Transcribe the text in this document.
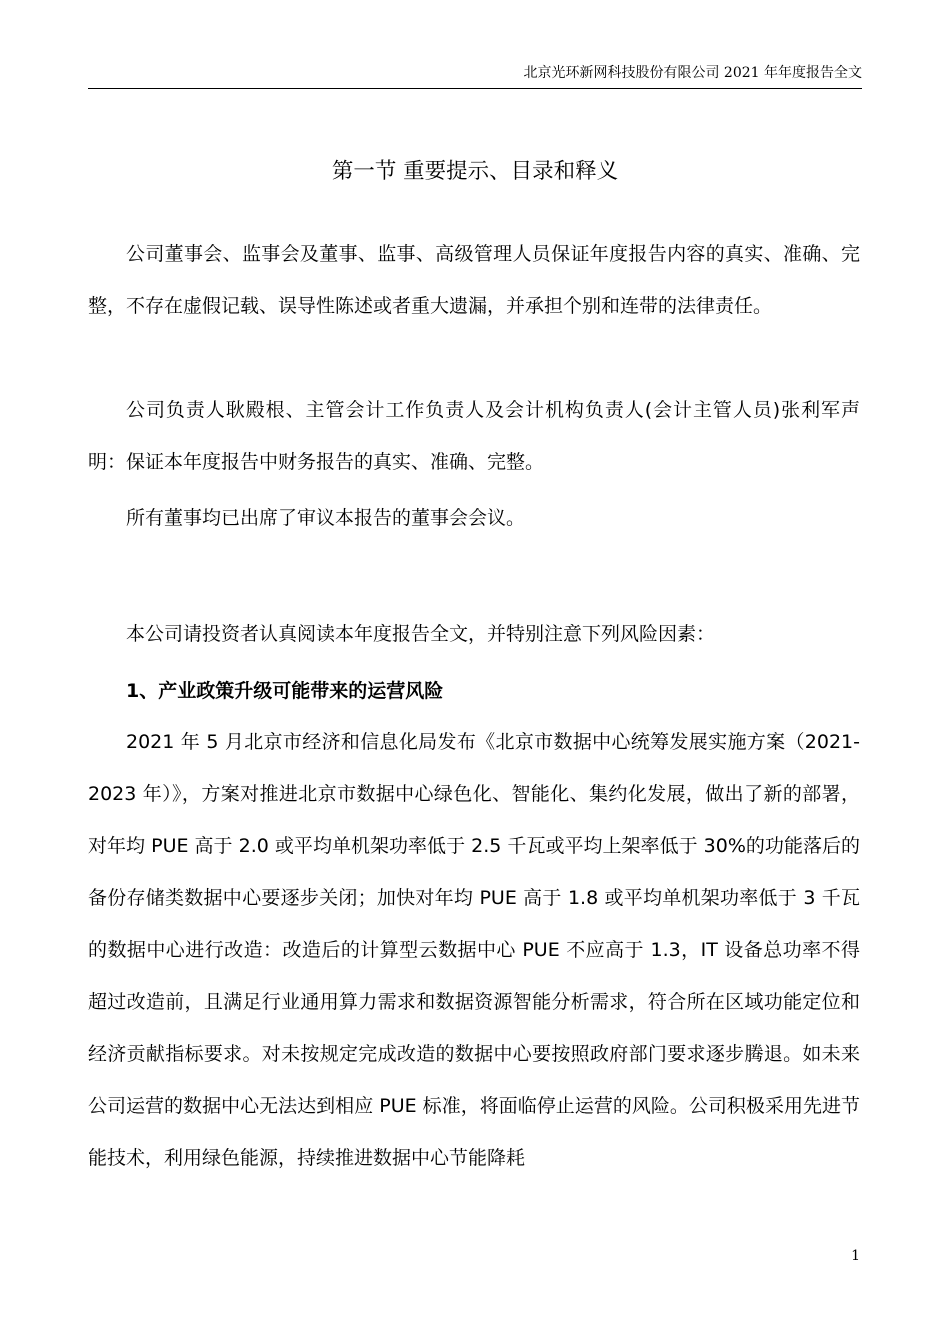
北京光环新网科技股份有限公司 2021 年年度报告全文
第一节 重要提示、目录和释义

公司董事会、监事会及董事、监事、高级管理人员保证年度报告内容的真实、准确、完整，不存在虚假记载、误导性陈述或者重大遗漏，并承担个别和连带的法律责任。

公司负责人耿殿根、主管会计工作负责人及会计机构负责人(会计主管人员)张利军声明：保证本年度报告中财务报告的真实、准确、完整。

所有董事均已出席了审议本报告的董事会会议。

本公司请投资者认真阅读本年度报告全文，并特别注意下列风险因素：

1、产业政策升级可能带来的运营风险

2021 年 5 月北京市经济和信息化局发布《北京市数据中心统筹发展实施方案（2021-2023 年）》，方案对推进北京市数据中心绿色化、智能化、集约化发展，做出了新的部署，对年均 PUE 高于 2.0 或平均单机架功率低于 2.5 千瓦或平均上架率低于 30%的功能落后的备份存储类数据中心要逐步关闭；加快对年均 PUE 高于 1.8 或平均单机架功率低于 3 千瓦的数据中心进行改造：改造后的计算型云数据中心 PUE 不应高于 1.3，IT 设备总功率不得超过改造前，且满足行业通用算力需求和数据资源智能分析需求，符合所在区域功能定位和经济贡献指标要求。对未按规定完成改造的数据中心要按照政府部门要求逐步腾退。如未来公司运营的数据中心无法达到相应 PUE 标准，将面临停止运营的风险。公司积极采用先进节能技术，利用绿色能源，持续推进数据中心节能降耗

1
